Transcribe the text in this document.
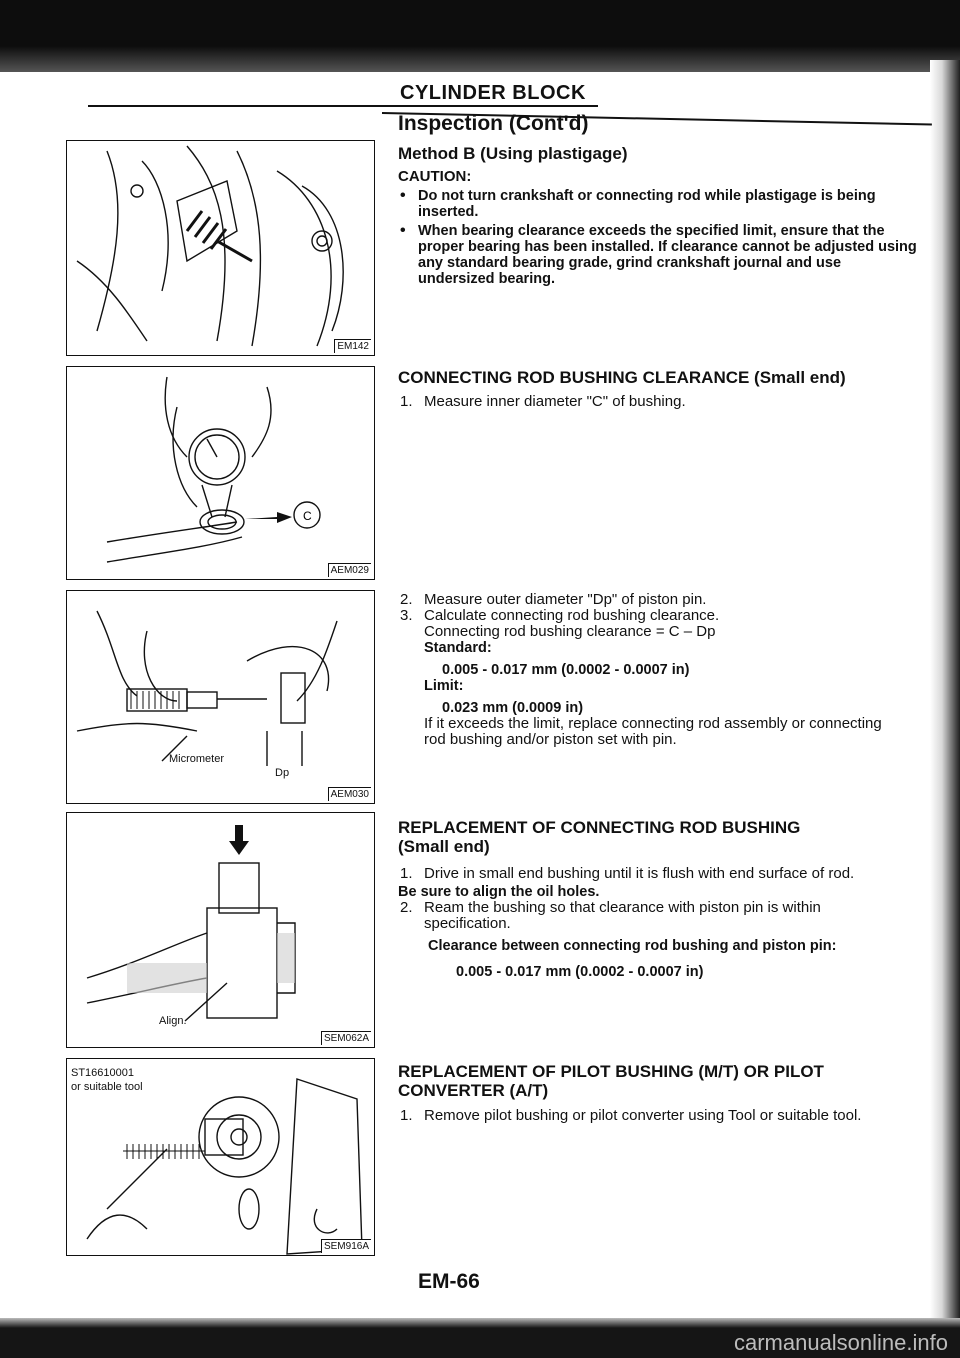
carmanualsonline.info
CYLINDER BLOCK
EM142
C
AEM029
Micrometer
Dp
AEM030
Align.
SEM062A
ST16610001
or suitable tool
SEM916A
Inspection (Cont'd)
Method B (Using plastigage)
CAUTION:
• Do not turn crankshaft or connecting rod while plastigage is being inserted.
• When bearing clearance exceeds the specified limit, ensure that the proper bearing has been installed. If clearance cannot be adjusted using any standard bearing grade, grind crankshaft journal and use undersized bearing.
CONNECTING ROD BUSHING CLEARANCE (Small end)
1. Measure inner diameter "C" of bushing.
2. Measure outer diameter "Dp" of piston pin.
3. Calculate connecting rod bushing clearance.
Connecting rod bushing clearance = C – Dp
Standard:
0.005 - 0.017 mm (0.0002 - 0.0007 in)
Limit:
0.023 mm (0.0009 in)
If it exceeds the limit, replace connecting rod assembly or connecting rod bushing and/or piston set with pin.
REPLACEMENT OF CONNECTING ROD BUSHING (Small end)
1. Drive in small end bushing until it is flush with end surface of rod.
Be sure to align the oil holes.
2. Ream the bushing so that clearance with piston pin is within specification.
Clearance between connecting rod bushing and piston pin:
0.005 - 0.017 mm (0.0002 - 0.0007 in)
REPLACEMENT OF PILOT BUSHING (M/T) OR PILOT CONVERTER (A/T)
1. Remove pilot bushing or pilot converter using Tool or suitable tool.
EM-66
